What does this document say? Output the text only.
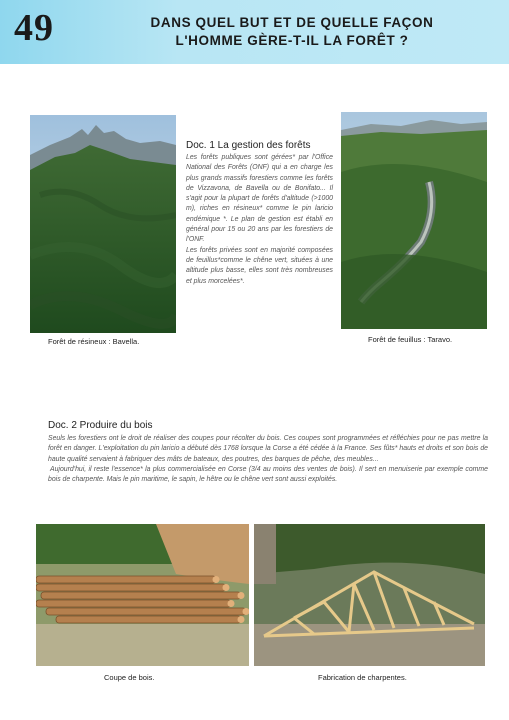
49	DANS QUEL BUT ET DE QUELLE FAÇON
L'HOMME GÈRE-T-IL LA FORÊT ?
Forêt de résineux : Bavella.
Doc. 1 La gestion des forêts

Les forêts publiques sont gérées* par l'Office National des Forêts (ONF) qui a en charge les plus grands massifs forestiers comme les forêts de Vizzavona, de Bavella ou de Bonifato... Il s'agit pour la plupart de forêts d'altitude (>1000 m), riches en résineux* comme le pin laricio endémique *. Le plan de gestion est établi en général pour 15 ou 20 ans par les forestiers de l'ONF.

Les forêts privées sont en majorité composées de feuillus*comme le chêne vert, situées à une altitude plus basse, elles sont très nombreuses et plus morcelées*.

Forêt de feuillus : Taravo.
Doc. 2 Produire du bois

Seuls les forestiers ont le droit de réaliser des coupes pour récolter du bois. Ces coupes sont programmées et réfléchies pour ne pas mettre la forêt en danger. L'exploitation du pin laricio a débuté dès 1768 lorsque la Corse a été cédée à la France. Ses fûts* hauts et droits et son bois de haute qualité servaient à fabriquer des mâts de bateaux, des poutres, des barques de pêche, des meubles...

Aujourd'hui, il reste l'essence* la plus commercialisée en Corse (3/4 au moins des ventes de bois). Il sert en menuiserie par exemple comme bois de charpente. Mais le pin maritime, le sapin, le hêtre ou le chêne vert sont aussi exploités.

Coupe de bois.	Fabrication de charpentes.
